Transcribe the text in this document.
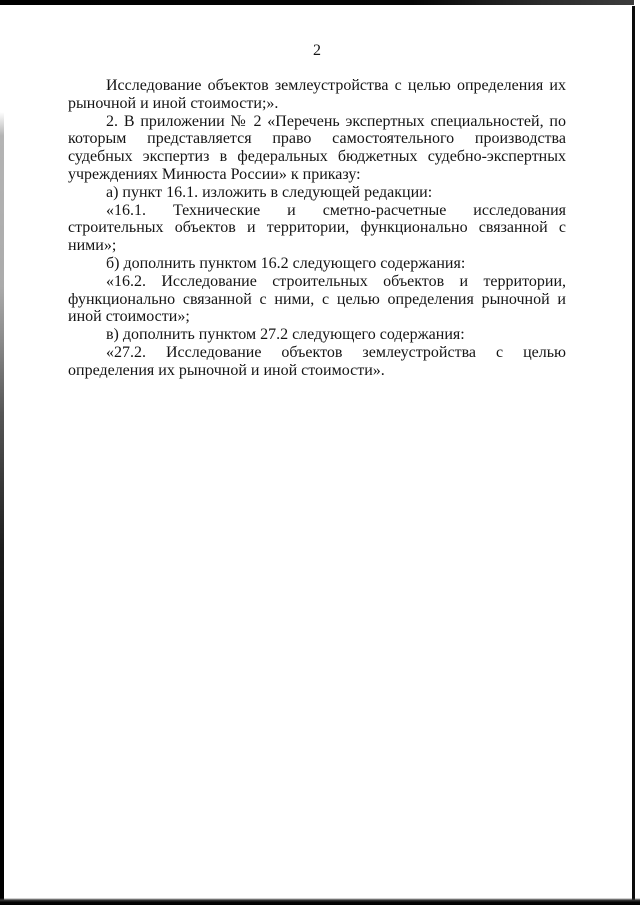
2

Исследование объектов землеустройства с целью определения их рыночной и иной стоимости;».

2. В приложении № 2 «Перечень экспертных специальностей, по которым представляется право самостоятельного производства судебных экспертиз в федеральных бюджетных судебно-экспертных учреждениях Минюста России» к приказу:

а) пункт 16.1. изложить в следующей редакции:

«16.1. Технические и сметно-расчетные исследования строительных объектов и территории, функционально связанной с ними»;

б) дополнить пунктом 16.2 следующего содержания:

«16.2. Исследование строительных объектов и территории, функционально связанной с ними, с целью определения рыночной и иной стоимости»;

в) дополнить пунктом 27.2 следующего содержания:

«27.2. Исследование объектов землеустройства с целью определения их рыночной и иной стоимости».
